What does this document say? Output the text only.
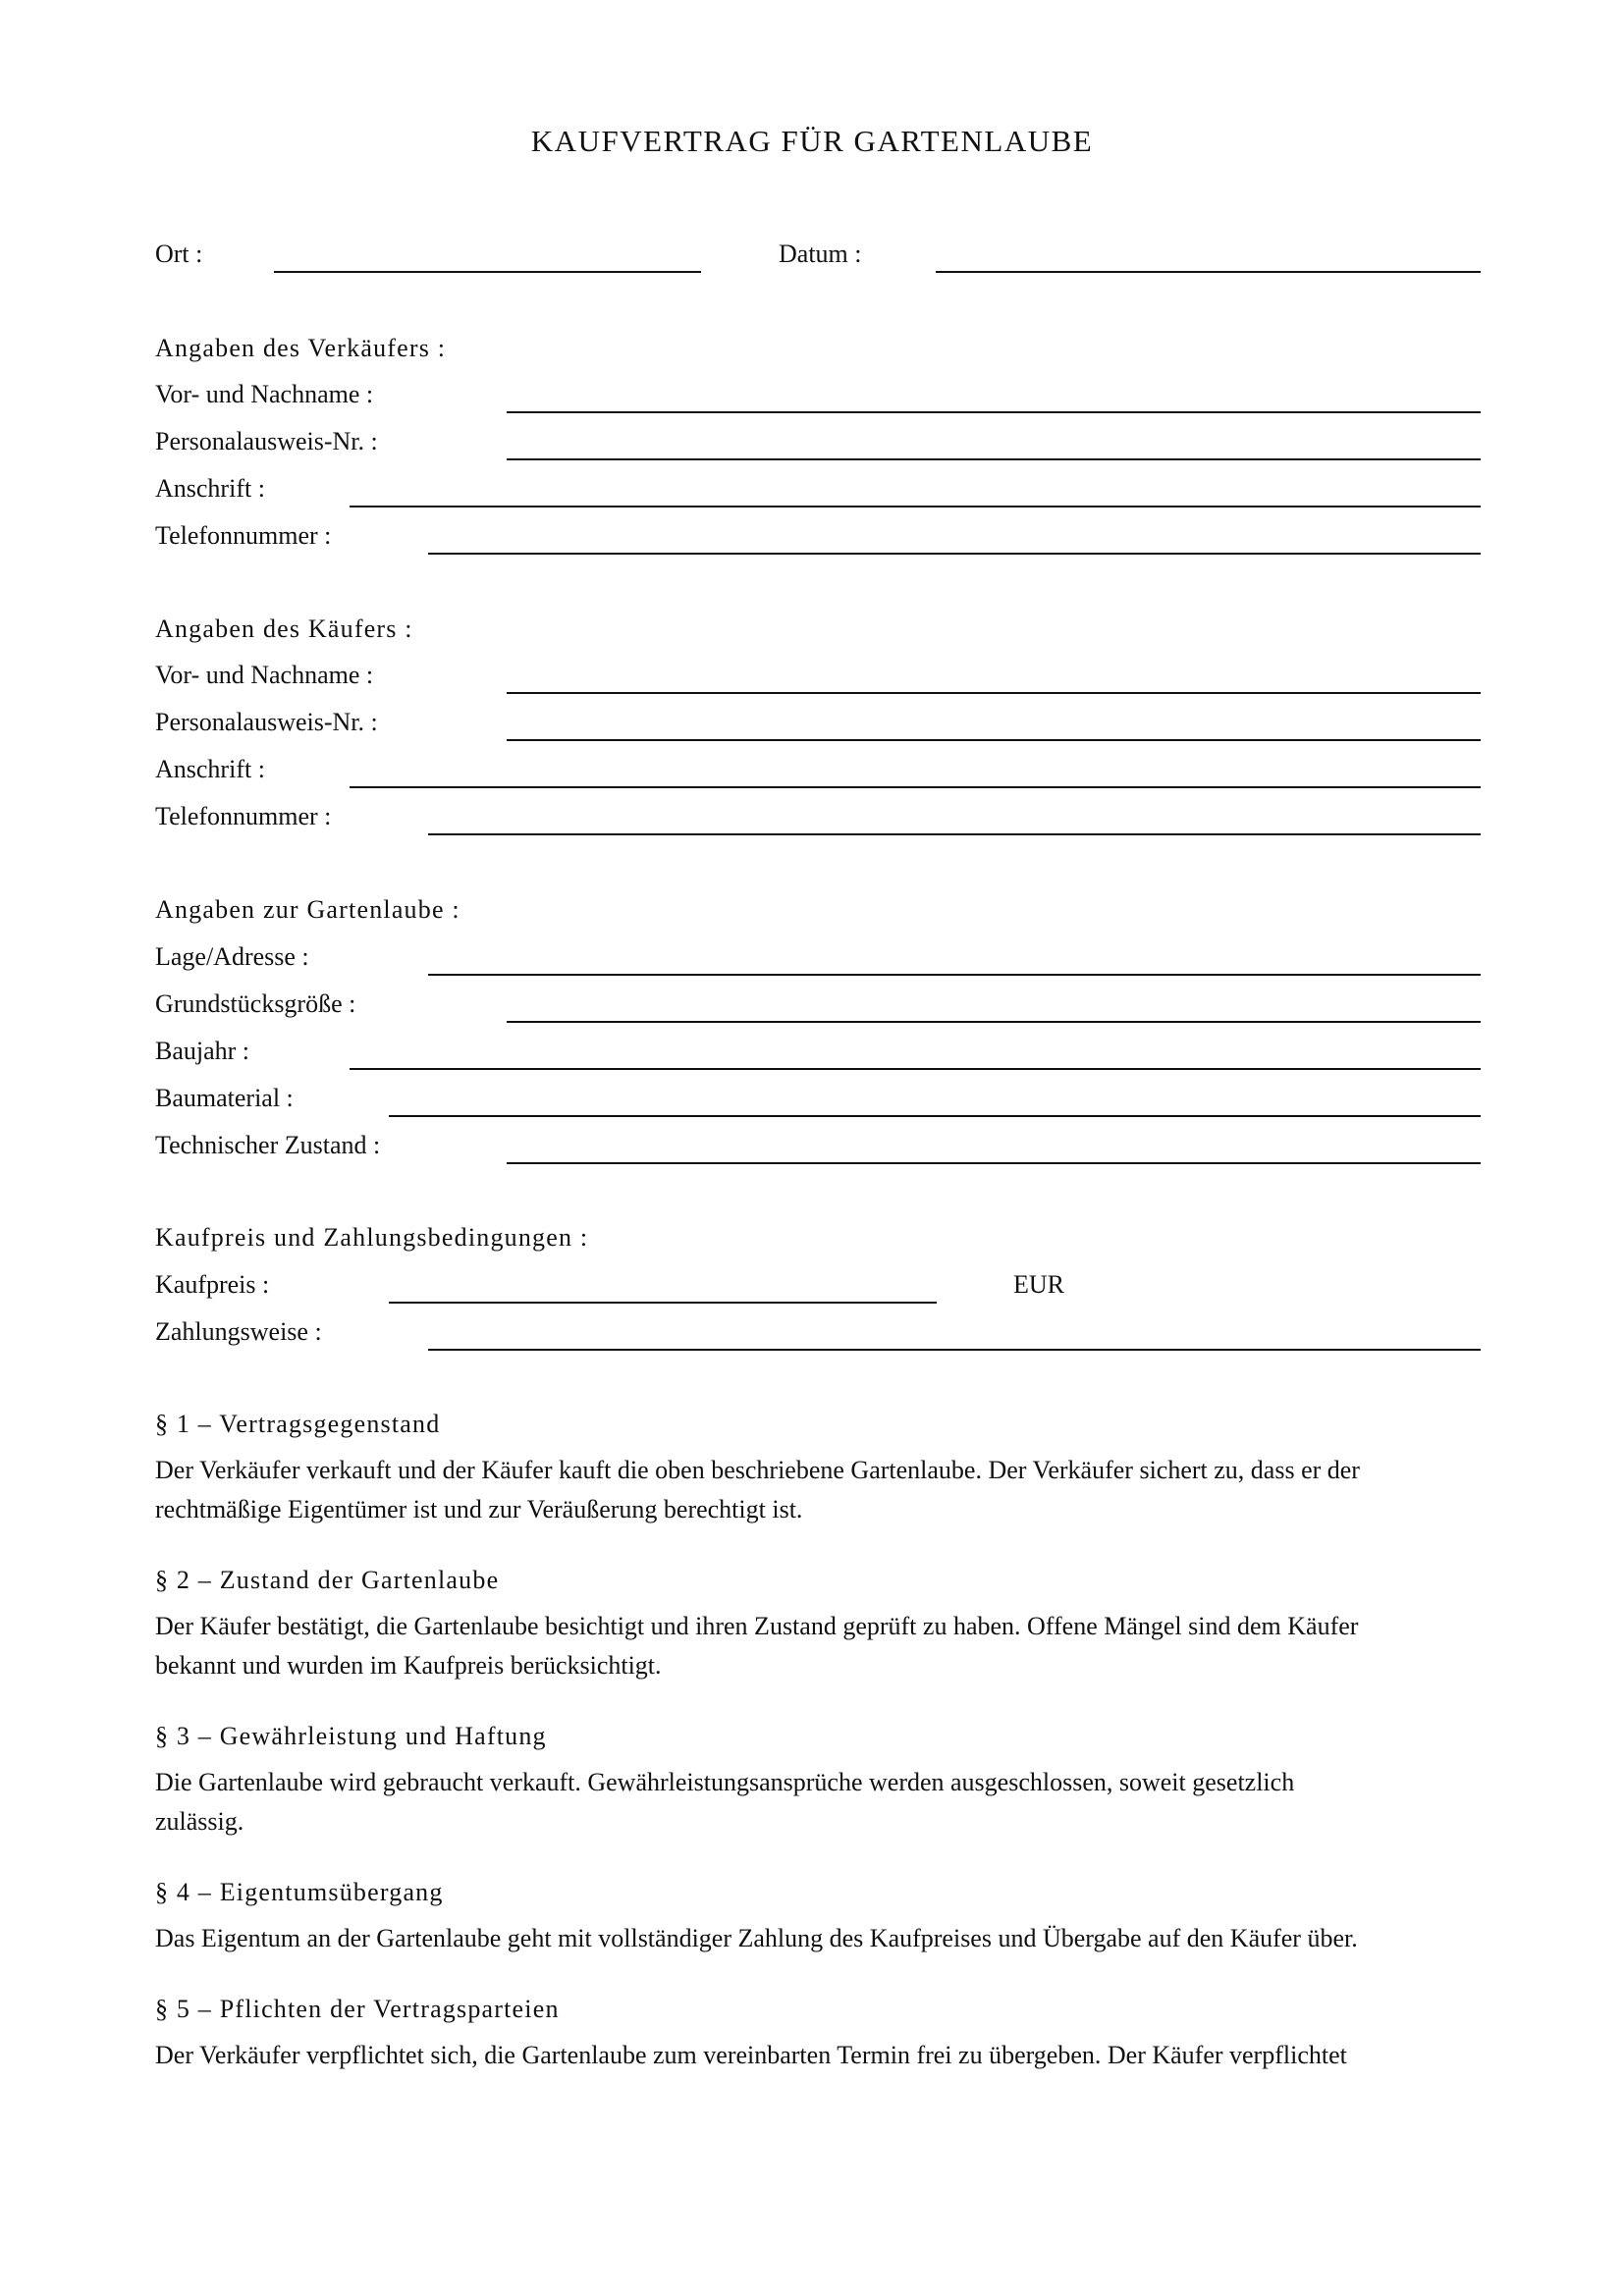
KAUFVERTRAG FÜR GARTENLAUBE
Ort :	Datum :
Angaben des Verkäufers :
Vor- und Nachname :
Personalausweis-Nr. :
Anschrift :
Telefonnummer :
Angaben des Käufers :
Vor- und Nachname :
Personalausweis-Nr. :
Anschrift :
Telefonnummer :
Angaben zur Gartenlaube :
Lage/Adresse :
Grundstücksgröße :
Baujahr :
Baumaterial :
Technischer Zustand :
Kaufpreis und Zahlungsbedingungen :
Kaufpreis :	EUR
Zahlungsweise :
§ 1 – Vertragsgegenstand
Der Verkäufer verkauft und der Käufer kauft die oben beschriebene Gartenlaube. Der Verkäufer sichert zu, dass er der
rechtmäßige Eigentümer ist und zur Veräußerung berechtigt ist.
§ 2 – Zustand der Gartenlaube
Der Käufer bestätigt, die Gartenlaube besichtigt und ihren Zustand geprüft zu haben. Offene Mängel sind dem Käufer
bekannt und wurden im Kaufpreis berücksichtigt.
§ 3 – Gewährleistung und Haftung
Die Gartenlaube wird gebraucht verkauft. Gewährleistungsansprüche werden ausgeschlossen, soweit gesetzlich
zulässig.
§ 4 – Eigentumsübergang
Das Eigentum an der Gartenlaube geht mit vollständiger Zahlung des Kaufpreises und Übergabe auf den Käufer über.
§ 5 – Pflichten der Vertragsparteien
Der Verkäufer verpflichtet sich, die Gartenlaube zum vereinbarten Termin frei zu übergeben. Der Käufer verpflichtet
